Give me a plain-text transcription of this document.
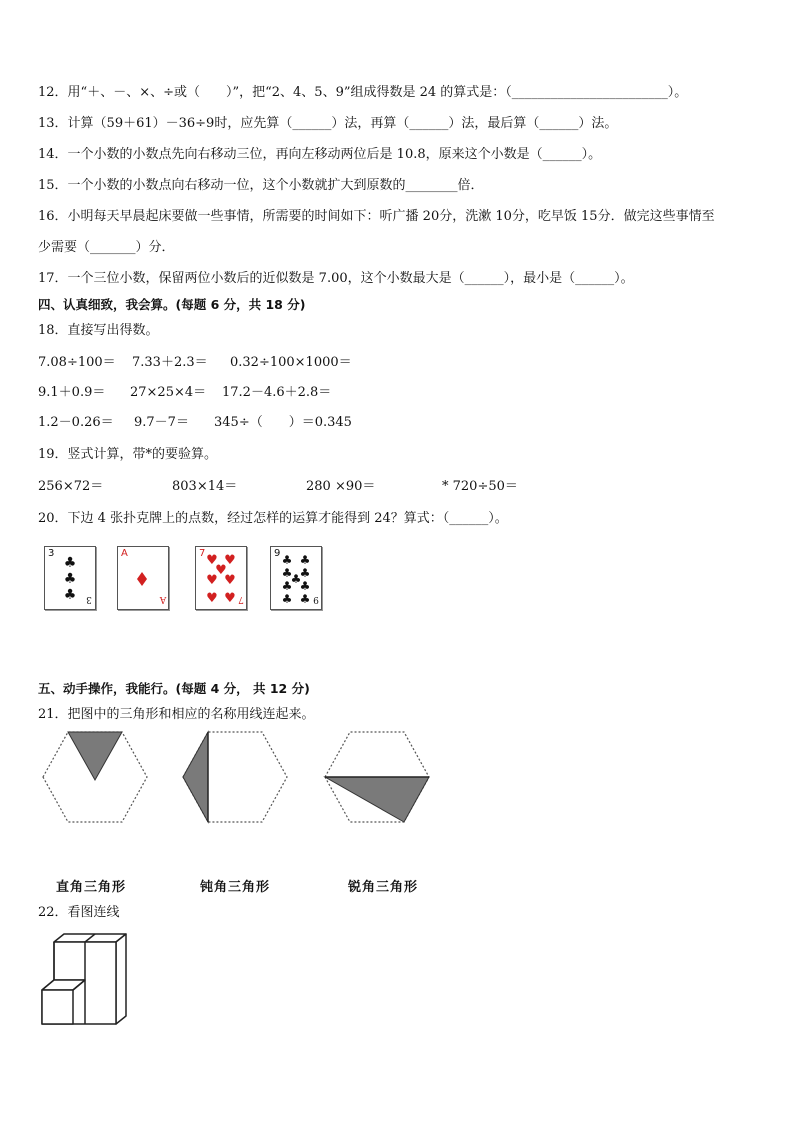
12．用“＋、－、×、÷或（　　）”，把“2、4、5、9”组成得数是 24 的算式是：（________________________）。
13．计算（59＋61）－36÷9时，应先算（______）法，再算（______）法，最后算（______）法。
14．一个小数的小数点先向右移动三位，再向左移动两位后是 10.8，原来这个小数是（______）。
15．一个小数的小数点向右移动一位，这个小数就扩大到原数的________倍．
16．小明每天早晨起床要做一些事情，所需要的时间如下：听广播 20分，洗漱 10分，吃早饭 15分．做完这些事情至
少需要（_______）分．
17．一个三位小数，保留两位小数后的近似数是 7.00，这个小数最大是（______），最小是（______）。
四、认真细致，我会算。(每题 6 分，共 18 分)
18．直接写出得数。
7.08÷100＝ 7.33＋2.3＝ 0.32÷100×1000＝
9.1＋0.9＝ 27×25×4＝ 17.2－4.6＋2.8＝
1.2－0.26＝ 9.7－7＝ 345÷（　　）＝0.345
19．竖式计算，带*的要验算。
256×72＝	803×14＝	280 ×90＝	* 720÷50＝
20．下边 4 张扑克牌上的点数，经过怎样的运算才能得到 24？算式：（______）。
3
♣
♣
♣ 3
A
A
7 ♥ ♥
♥
♥ ♥
♥ ♥ 7
9 ♣ ♣
♣ ♣
♣
♣ ♣
♣ ♣ 9
五、动手操作，我能行。(每题 4 分， 共 12 分)
21．把图中的三角形和相应的名称用线连起来。
直角三角形	钝角三角形	锐角三角形
22．看图连线
